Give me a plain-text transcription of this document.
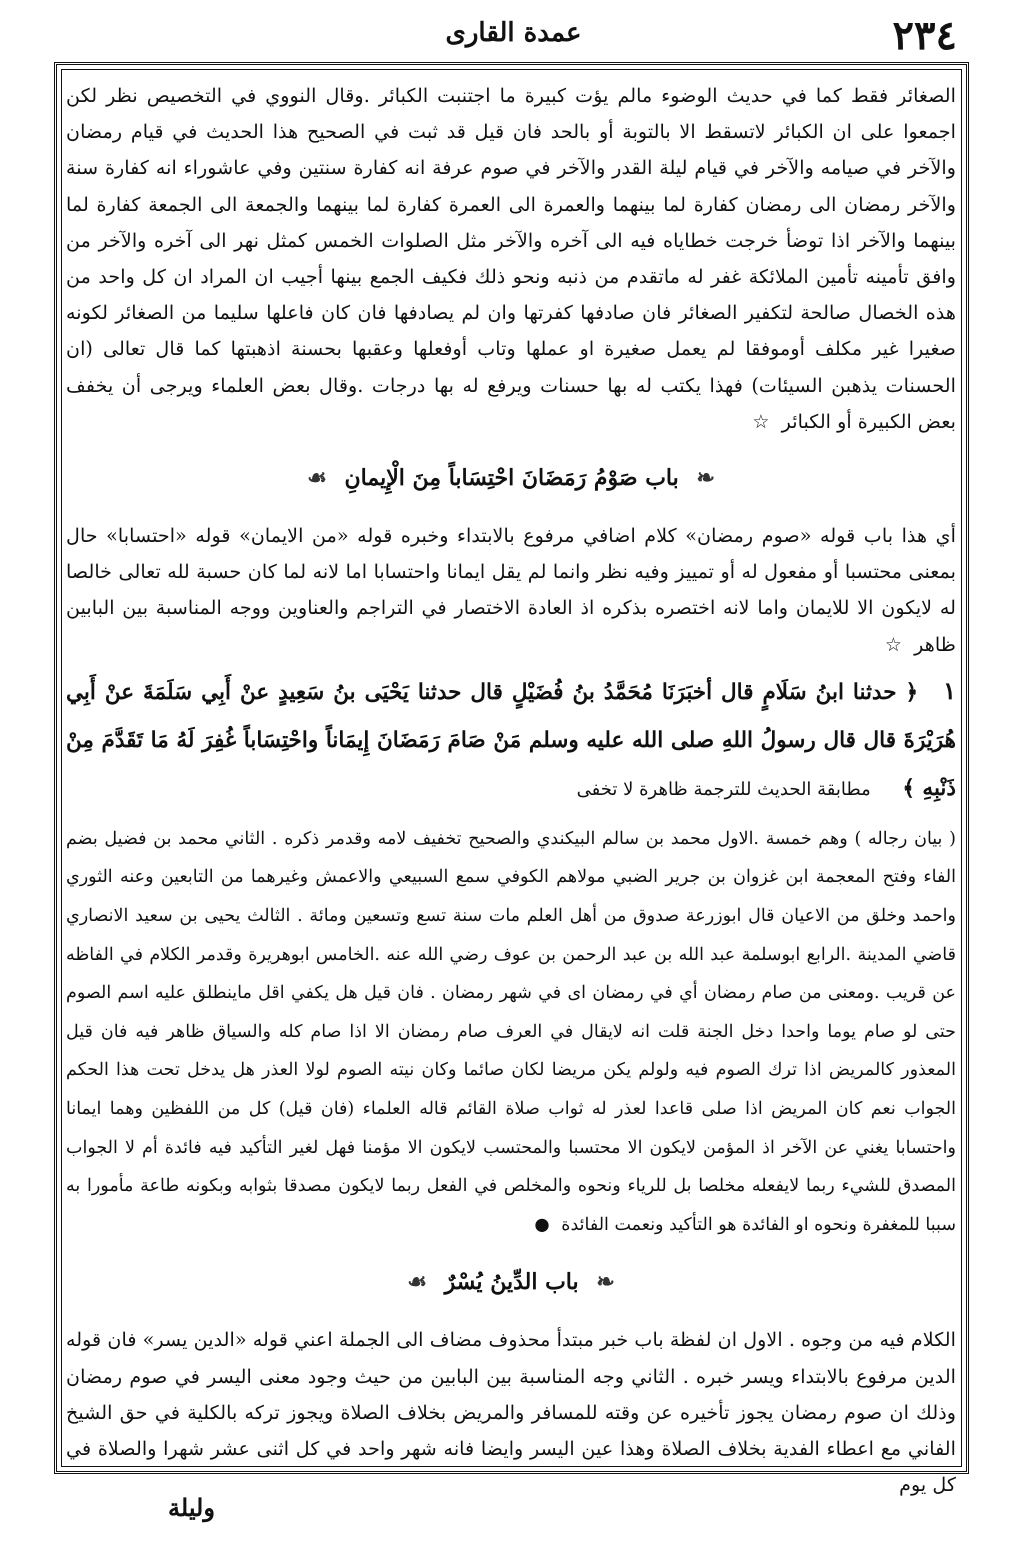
٢٣٤
عمدة القاری

الصغائر فقط كما في حديث الوضوء مالم يؤت كبيرة ما اجتنبت الكبائر .وقال النووي في التخصيص نظر لكن اجمعوا على ان الكبائر لاتسقط الا بالتوبة أو بالحد فان قيل قد ثبت في الصحيح هذا الحديث في قيام رمضان والآخر في صيامه والآخر في قيام ليلة القدر والآخر في صوم عرفة انه كفارة سنتين وفي عاشوراء انه كفارة سنة والآخر رمضان الى رمضان كفارة لما بينهما والعمرة الى العمرة كفارة لما بينهما والجمعة الى الجمعة كفارة لما بينهما والآخر اذا توضأ خرجت خطاياه فيه الى آخره والآخر مثل الصلوات الخمس كمثل نهر الى آخره والآخر من وافق تأمينه تأمين الملائكة غفر له ماتقدم من ذنبه ونحو ذلك فكيف الجمع بينها أجيب ان المراد ان كل واحد من هذه الخصال صالحة لتكفير الصغائر فان صادفها كفرتها وان لم يصادفها فان كان فاعلها سليما من الصغائر لكونه صغيرا غير مكلف أوموفقا لم يعمل صغيرة او عملها وتاب أوفعلها وعقبها بحسنة اذهبتها كما قال تعالى (ان الحسنات يذهبن السيئات) فهذا يكتب له بها حسنات ويرفع له بها درجات .وقال بعض العلماء ويرجى أن يخفف بعض الكبيرة أو الكبائر ☆

❧ باب صَوْمُ رَمَضَانَ احْتِسَاباً مِنَ الْإِيمانِ ☙

أي هذا باب قوله «صوم رمضان» كلام اضافي مرفوع بالابتداء وخبره قوله «من الايمان» قوله «احتسابا» حال بمعنى محتسبا أو مفعول له أو تمييز وفيه نظر وانما لم يقل ايمانا واحتسابا اما لانه لما كان حسبة لله تعالى خالصا له لايكون الا للايمان واما لانه اختصره بذكره اذ العادة الاختصار في التراجم والعناوين ووجه المناسبة بين البابين ظاهر ☆

١ ﴿ حدثنا ابنُ سَلَامٍ قال أخبَرَنَا مُحَمَّدُ بنُ فُضَيْلٍ قال حدثنا يَحْيَى بنُ سَعِيدٍ عنْ أَبِي سَلَمَةَ عنْ أَبِي هُرَيْرَةَ قال قال رسولُ اللهِ صلى الله عليه وسلم مَنْ صَامَ رَمَضَانَ إِيمَاناً واحْتِسَاباً غُفِرَ لَهُ مَا تَقَدَّمَ مِنْ ذَنْبِهِ ﴾ مطابقة الحديث للترجمة ظاهرة لا تخفى

( بيان رجاله ) وهم خمسة .الاول محمد بن سالم البيكندي والصحيح تخفيف لامه وقدمر ذكره . الثاني محمد بن فضيل بضم الفاء وفتح المعجمة ابن غزوان بن جرير الضبي مولاهم الكوفي سمع السبيعي والاعمش وغيرهما من التابعين وعنه الثوري واحمد وخلق من الاعيان قال ابوزرعة صدوق من أهل العلم مات سنة تسع وتسعين ومائة . الثالث يحيى بن سعيد الانصاري قاضي المدينة .الرابع ابوسلمة عبد الله بن عبد الرحمن بن عوف رضي الله عنه .الخامس ابوهريرة وقدمر الكلام في الفاظه عن قريب .ومعنى من صام رمضان أي في رمضان اى في شهر رمضان . فان قيل هل يكفي اقل ماينطلق عليه اسم الصوم حتى لو صام يوما واحدا دخل الجنة قلت انه لايقال في العرف صام رمضان الا اذا صام كله والسياق ظاهر فيه فان قيل المعذور كالمريض اذا ترك الصوم فيه ولولم يكن مريضا لكان صائما وكان نيته الصوم لولا العذر هل يدخل تحت هذا الحكم الجواب نعم كان المريض اذا صلى قاعدا لعذر له ثواب صلاة القائم قاله العلماء (فان قيل) كل من اللفظين وهما ايمانا واحتسابا يغني عن الآخر اذ المؤمن لايكون الا محتسبا والمحتسب لايكون الا مؤمنا فهل لغير التأكيد فيه فائدة أم لا الجواب المصدق للشيء ربما لايفعله مخلصا بل للرياء ونحوه والمخلص في الفعل ربما لايكون مصدقا بثوابه وبكونه طاعة مأمورا به سببا للمغفرة ونحوه او الفائدة هو التأكيد ونعمت الفائدة ●

❧ باب الدِّينُ يُسْرٌ ☙

الكلام فيه من وجوه . الاول ان لفظة باب خبر مبتدأ محذوف مضاف الى الجملة اعني قوله «الدين يسر» فان قوله الدين مرفوع بالابتداء ويسر خبره . الثاني وجه المناسبة بين البابين من حيث وجود معنى اليسر في صوم رمضان وذلك ان صوم رمضان يجوز تأخيره عن وقته للمسافر والمريض بخلاف الصلاة ويجوز تركه بالكلية في حق الشيخ الفاني مع اعطاء الفدية بخلاف الصلاة وهذا عين اليسر وايضا فانه شهر واحد في كل اثنى عشر شهرا والصلاة في كل يوم

وليلة
